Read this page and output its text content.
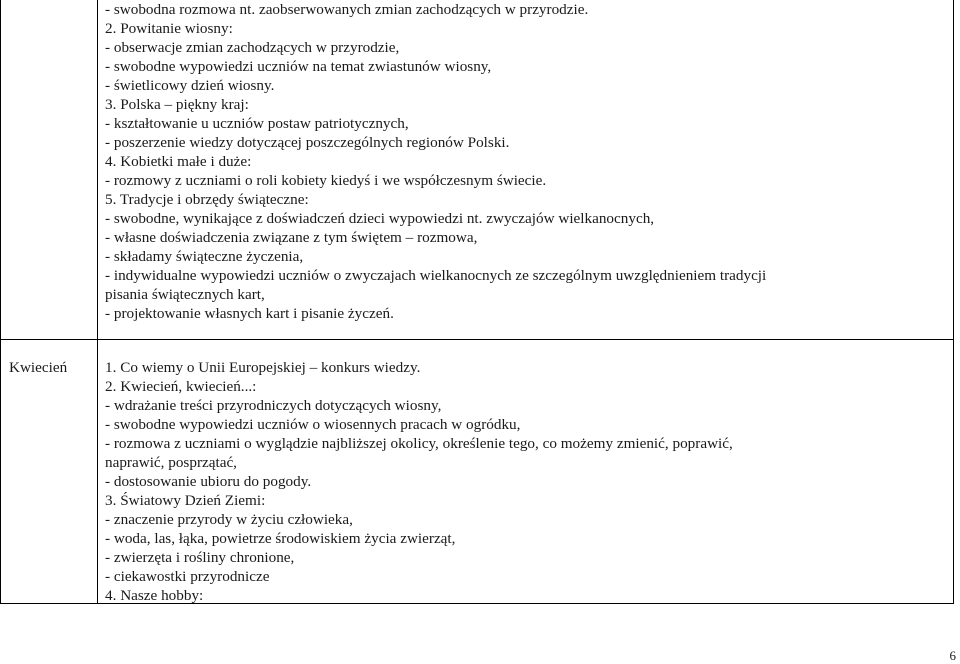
- swobodna rozmowa nt. zaobserwowanych zmian zachodzących w przyrodzie.
2. Powitanie wiosny:
- obserwacje zmian zachodzących w przyrodzie,
- swobodne wypowiedzi uczniów na temat zwiastunów wiosny,
- świetlicowy dzień wiosny.
3. Polska – piękny kraj:
- kształtowanie u uczniów postaw patriotycznych,
- poszerzenie wiedzy dotyczącej poszczególnych regionów Polski.
4. Kobietki małe i duże:
- rozmowy z uczniami o roli kobiety kiedyś i we współczesnym świecie.
5. Tradycje i obrzędy świąteczne:
- swobodne, wynikające z doświadczeń dzieci wypowiedzi nt. zwyczajów wielkanocnych,
- własne doświadczenia związane z tym świętem – rozmowa,
- składamy świąteczne życzenia,
- indywidualne wypowiedzi uczniów o zwyczajach wielkanocnych ze szczególnym uwzględnieniem tradycji
pisania świątecznych kart,
- projektowanie własnych kart i pisanie życzeń.
Kwiecień 1. Co wiemy o Unii Europejskiej – konkurs wiedzy.
2. Kwiecień, kwiecień...:
- wdrażanie treści przyrodniczych dotyczących wiosny,
- swobodne wypowiedzi uczniów o wiosennych pracach w ogródku,
- rozmowa z uczniami o wyglądzie najbliższej okolicy, określenie tego, co możemy zmienić, poprawić,
naprawić, posprzątać,
- dostosowanie ubioru do pogody.
3. Światowy Dzień Ziemi:
- znaczenie przyrody w życiu człowieka,
- woda, las, łąka, powietrze środowiskiem życia zwierząt,
- zwierzęta i rośliny chronione,
- ciekawostki przyrodnicze
4. Nasze hobby:
6
